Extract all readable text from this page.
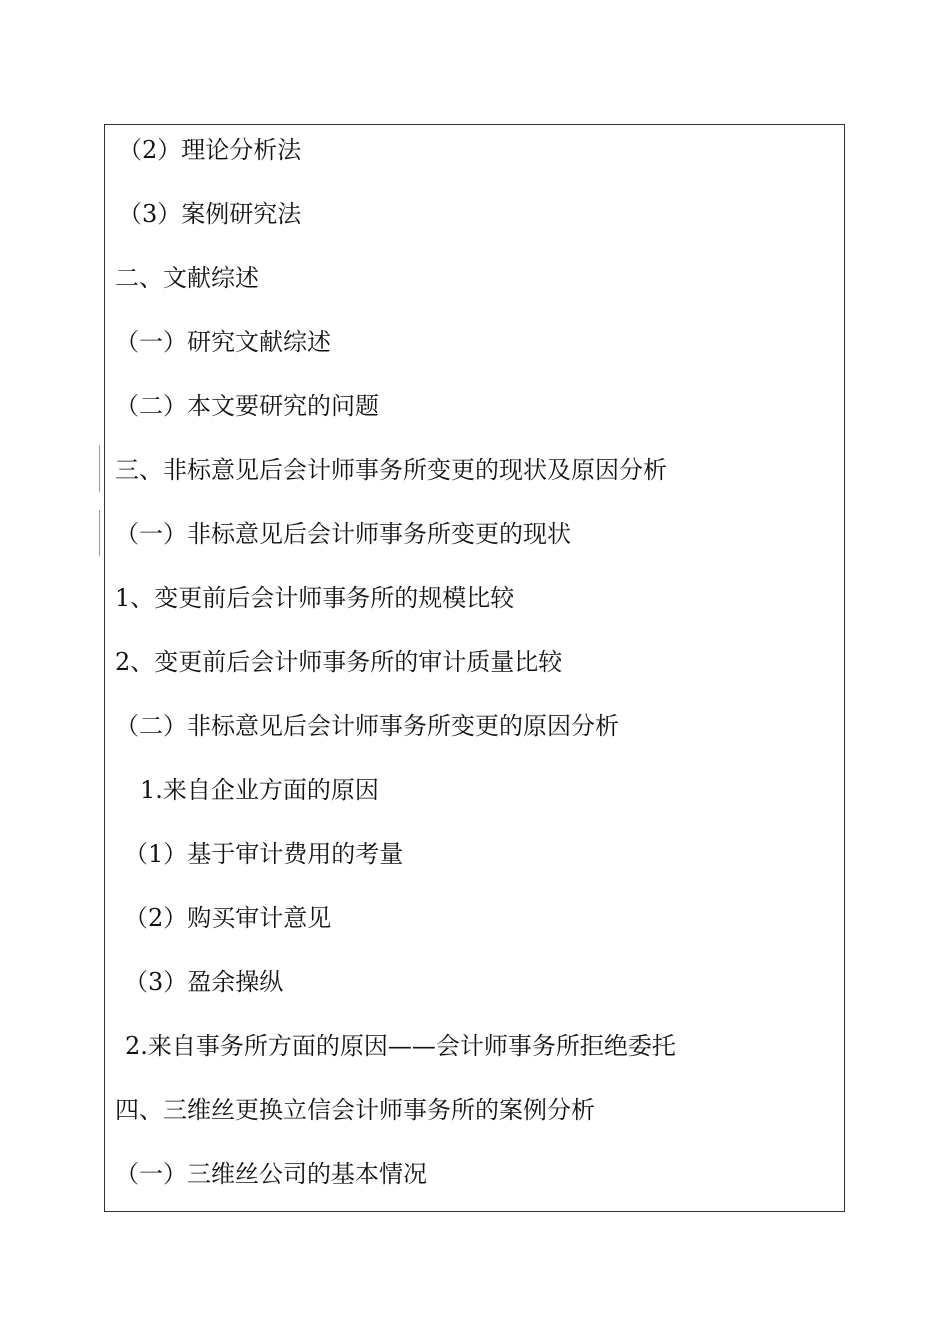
（2）理论分析法
（3）案例研究法
二、文献综述
（一）研究文献综述
（二）本文要研究的问题
三、非标意见后会计师事务所变更的现状及原因分析
（一）非标意见后会计师事务所变更的现状
1、变更前后会计师事务所的规模比较
2、变更前后会计师事务所的审计质量比较
（二）非标意见后会计师事务所变更的原因分析
1.来自企业方面的原因
（1）基于审计费用的考量
（2）购买审计意见
（3）盈余操纵
2.来自事务所方面的原因——会计师事务所拒绝委托
四、三维丝更换立信会计师事务所的案例分析
（一）三维丝公司的基本情况
